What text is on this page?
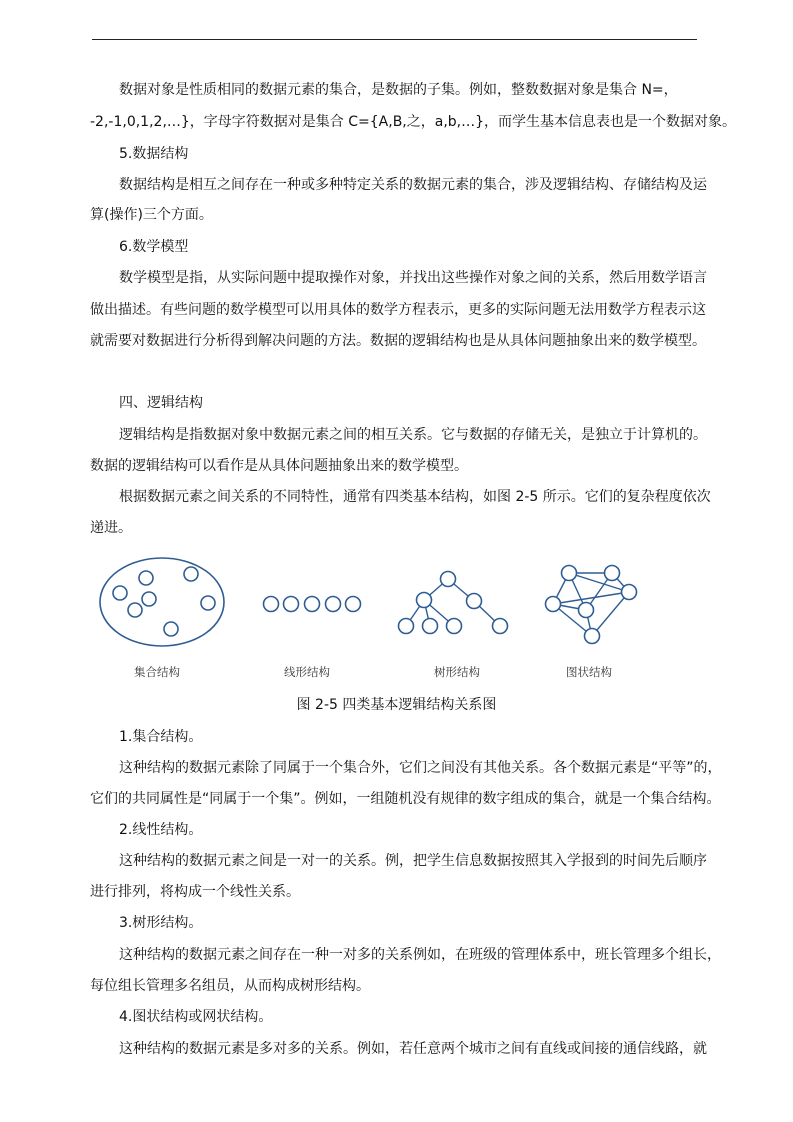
数据对象是性质相同的数据元素的集合，是数据的子集。例如，整数数据对象是集合 N=，
-2,-1,0,1,2,…}，字母字符数据对是集合 C={A,B,之，a,b,…}，而学生基本信息表也是一个数据对象。
5.数据结构
数据结构是相互之间存在一种或多种特定关系的数据元素的集合，涉及逻辑结构、存储结构及运
算(操作)三个方面。
6.数学模型
数学模型是指，从实际问题中提取操作对象，并找出这些操作对象之间的关系，然后用数学语言
做出描述。有些问题的数学模型可以用具体的数学方程表示，更多的实际问题无法用数学方程表示这
就需要对数据进行分析得到解决问题的方法。数据的逻辑结构也是从具体问题抽象出来的数学模型。
四、逻辑结构
逻辑结构是指数据对象中数据元素之间的相互关系。它与数据的存储无关，是独立于计算机的。
数据的逻辑结构可以看作是从具体问题抽象出来的数学模型。
根据数据元素之间关系的不同特性，通常有四类基本结构，如图 2-5 所示。它们的复杂程度依次
递进。
集合结构	线形结构	树形结构	图状结构
图 2-5 四类基本逻辑结构关系图
1.集合结构。
这种结构的数据元素除了同属于一个集合外，它们之间没有其他关系。各个数据元素是“平等”的，
它们的共同属性是“同属于一个集”。例如，一组随机没有规律的数字组成的集合，就是一个集合结构。
2.线性结构。
这种结构的数据元素之间是一对一的关系。例，把学生信息数据按照其入学报到的时间先后顺序
进行排列，将构成一个线性关系。
3.树形结构。
这种结构的数据元素之间存在一种一对多的关系例如，在班级的管理体系中，班长管理多个组长，
每位组长管理多名组员，从而构成树形结构。
4.图状结构或网状结构。
这种结构的数据元素是多对多的关系。例如，若任意两个城市之间有直线或间接的通信线路，就
